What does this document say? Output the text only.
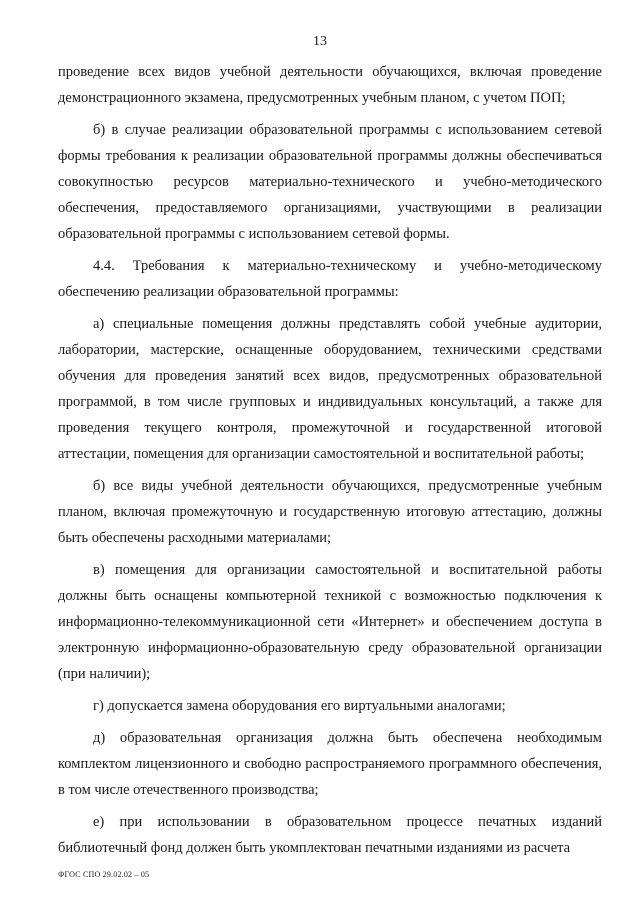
13

проведение всех видов учебной деятельности обучающихся, включая проведение демонстрационного экзамена, предусмотренных учебным планом, с учетом ПОП;

б) в случае реализации образовательной программы с использованием сетевой формы требования к реализации образовательной программы должны обеспечиваться совокупностью ресурсов материально-технического и учебно-методического обеспечения, предоставляемого организациями, участвующими в реализации образовательной программы с использованием сетевой формы.

4.4. Требования к материально-техническому и учебно-методическому обеспечению реализации образовательной программы:

а) специальные помещения должны представлять собой учебные аудитории, лаборатории, мастерские, оснащенные оборудованием, техническими средствами обучения для проведения занятий всех видов, предусмотренных образовательной программой, в том числе групповых и индивидуальных консультаций, а также для проведения текущего контроля, промежуточной и государственной итоговой аттестации, помещения для организации самостоятельной и воспитательной работы;

б) все виды учебной деятельности обучающихся, предусмотренные учебным планом, включая промежуточную и государственную итоговую аттестацию, должны быть обеспечены расходными материалами;

в) помещения для организации самостоятельной и воспитательной работы должны быть оснащены компьютерной техникой с возможностью подключения к информационно-телекоммуникационной сети «Интернет» и обеспечением доступа в электронную информационно-образовательную среду образовательной организации (при наличии);

г) допускается замена оборудования его виртуальными аналогами;

д) образовательная организация должна быть обеспечена необходимым комплектом лицензионного и свободно распространяемого программного обеспечения, в том числе отечественного производства;

е) при использовании в образовательном процессе печатных изданий библиотечный фонд должен быть укомплектован печатными изданиями из расчета

ФГОС СПО 29.02.02 – 05
